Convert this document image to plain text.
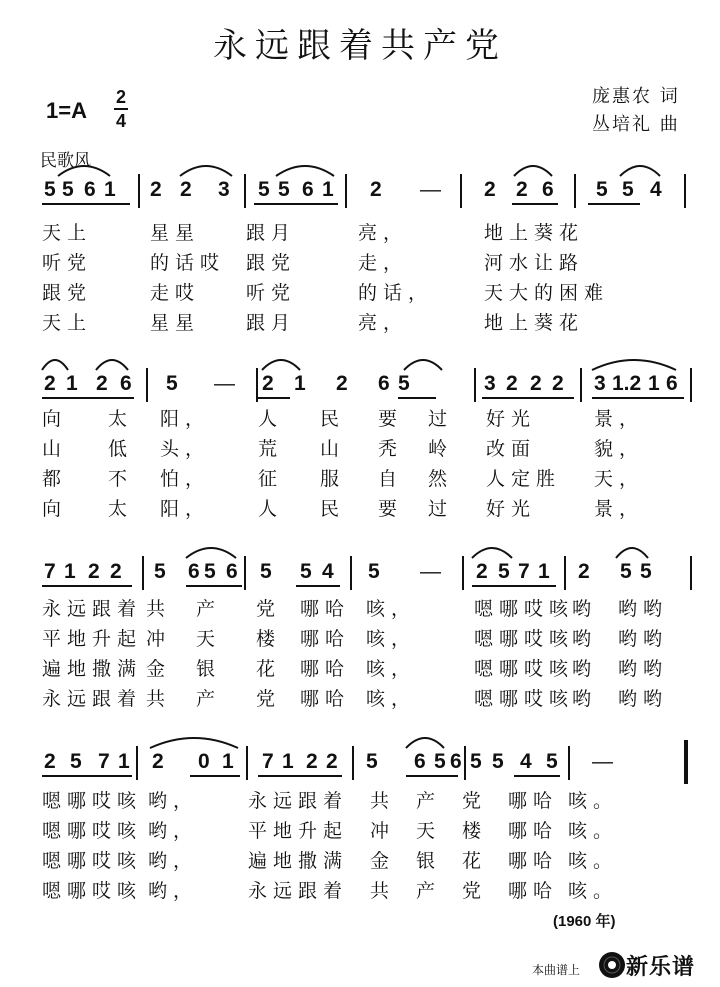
永远跟着共产党
1=A
2
4
庞惠农 词
丛培礼 曲
民歌风
5 5 6 1 2 2 3 5 5 6 1 2 — 2 2 6 5 5 4
天上	星星 跟月	亮，	地上葵花
听党	的话哎 跟党	走，	河水让路
跟党	走哎 听党	的话，	天大的困难
天上	星星 跟月	亮，	地上葵花
2 1 2 6 5 — 2 1 2 6 5	3 2 2 2 3 1.2 1 6
向 太 阳，	人 民 要 过 好光	景，
山 低 头，	荒 山 秃 岭 改面	貌，
都 不 怕，	征 服 自 然 人定胜 天，
向 太 阳，	人 民 要 过 好光	景，
7 1 2 2 5 6 5 6 5 5 4 5 — 2 5 7 1 2 5 5
永远跟着 共 产 党 哪哈 咳，	嗯哪哎咳
哟 哟哟
平地升起 冲 天 楼 哪哈 咳，	嗯哪哎咳
哟 哟哟
遍地撒满 金 银 花 哪哈 咳，	嗯哪哎咳
哟 哟哟
永远跟着 共 产 党 哪哈 咳，	嗯哪哎咳
哟 哟哟
2 5 7 1 2 0 1 7 1 2 2 5 6 5 6 5 5 4 5 —
嗯哪哎咳 哟，	永远跟着 共 产 党 哪哈 咳。
嗯哪哎咳 哟，	平地升起 冲 天 楼 哪哈 咳。
嗯哪哎咳 哟，	遍地撒满 金 银 花 哪哈 咳。
嗯哪哎咳 哟，	永远跟着 共 产 党 哪哈 咳。
(1960 年)
本曲谱上 新乐谱
